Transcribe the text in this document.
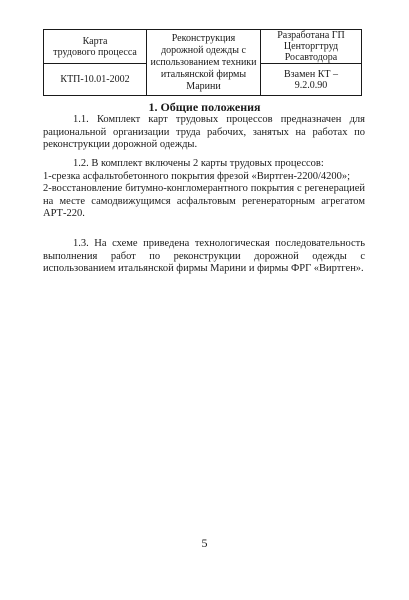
Карта
трудового процесса
КТП-10.01-2002
Реконструкция
дорожной одежды с
использованием техники
итальянской фирмы
Марини
Разработана ГП
Центоргтруд
Росавтодора
Взамен КТ –
9.2.0.90
1. Общие положения
1.1. Комплект карт трудовых процессов предназначен для рациональной организации труда рабочих, занятых на работах по реконструкции дорожной одежды.
1.2. В комплект включены 2 карты трудовых процессов:
1-срезка асфальтобетонного покрытия фрезой «Виртген-2200/4200»;
2-восстановление битумно-конгломерантного покрытия с регенерацией на месте самодвижущимся асфальтовым регенераторным агрегатом АРТ-220.
1.3. На схеме приведена технологическая последовательность выполнения работ по реконструкции дорожной одежды с использованием итальянской фирмы Марини и фирмы ФРГ «Виртген».
5
